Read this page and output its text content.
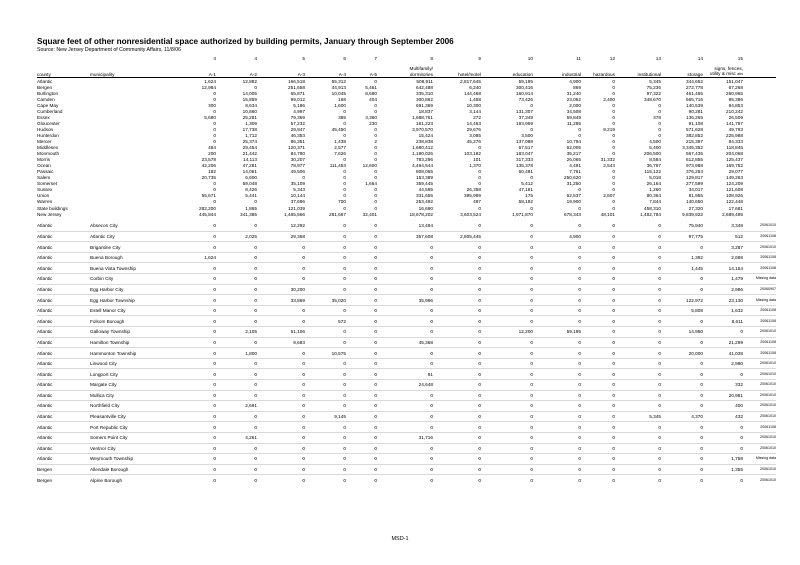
Square feet of other nonresidential space authorized by building permits, January through September 2006
Source: New Jersey Department of Community Affairs, 11/8/06
		3	4	5	6	7	8	9	10	11	12	13	14	15	
							Multifamily/							signs, fences,	
county	municipality	A-1	A-2	A-3	A-4	A-5	dormitories	hotel/motel	education	industrial	hazardous	institutional	storage	utility & misc abs	
Atlantic		1,624	12,882	166,518	55,312	0	508,911	2,817,645	59,195	4,900	0	5,345	344,652	151,047	
Bergen		12,984	0	251,658	44,913	5,461	642,488	6,240	300,416	869	0	75,236	272,778	67,268	
Burlington		0	14,005	65,871	10,045	8,680	335,310	144,468	160,914	31,240	0	97,322	461,465	260,965	
Camden		0	15,859	99,012	168	404	300,862	1,458	73,426	23,052	2,400	348,670	565,716	95,386	
Cape May		300	8,634	5,186	1,600	0	691,369	10,300	0	2,000	0	0	140,539	84,853	
Cumberland		0	10,860	4,997	0	0	18,837	3,144	131,307	34,508	0	0	90,281	210,242	
Essex		5,680	25,281	79,369	385	3,360	1,688,761	272	37,349	59,849	0	378	136,265	26,509	
Gloucester		0	1,309	57,232	0	230	161,223	14,463	193,959	11,285	0	0	91,108	141,797	
Hudson		0	17,738	29,847	45,450	0	3,970,570	29,676	0	0	9,219	0	571,628	49,793	
Hunterdon		0	1,712	46,353	0	0	15,424	3,085	3,500	0	0	0	382,852	225,988	
Mercer		0	25,374	86,351	1,438	2	238,838	45,276	137,088	10,794	0	4,500	215,397	84,333	
Middlesex		484	29,454	120,371	2,577	0	1,680,412	0	67,517	62,005	0	5,400	3,345,352	118,845	
Monmouth		200	21,442	84,780	7,626	0	1,180,026	103,182	183,047	35,217	0	206,500	567,435	204,068	
Morris		23,578	14,113	30,207	0	0	783,296	101	317,333	26,065	31,332	8,584	612,855	125,437	
Ocean		42,206	47,281	78,977	111,453	12,600	4,494,544	1,370	135,378	4,491	2,543	36,767	973,988	169,752	
Passaic		182	14,061	49,506	0	0	808,065	0	60,481	7,761	0	115,122	376,253	29,077	
Salem		20,735	6,600	0	0	0	153,389	0	0	250,620	0	5,018	129,817	149,263	
Somerset		0	59,048	35,109	0	1,664	359,445	0	5,412	31,250	0	26,164	277,599	124,209	
Sussex		0	8,426	5,343	0	0	44,595	26,358	47,181	0	0	1,260	34,017	121,608	
Union		55,671	5,441	10,144	0	0	331,655	395,989	175	62,537	2,607	80,364	81,955	108,926	
Warren		0	0	37,696	700	0	253,492	497	58,192	19,900	0	7,844	140,650	122,448	
State buildings		282,200	1,865	121,039	0	0	16,690	0	0	0	0	458,310	27,320	17,681	
New Jersey		445,844	341,385	1,465,566	281,667	32,401	18,678,202	3,603,524	1,971,870	678,343	48,101	1,482,784	9,839,922	2,689,495	

Atlantic	Absecon City	0	0	12,292	0	0	13,494	0	0	0	0	0	75,940	3,348	20061010
Atlantic	Atlantic City	0	2,025	29,368	0	0	357,608	2,805,445	0	4,900	0	0	97,775	512	20061108
Atlantic	Brigantine City	0	0	0	0	0	0	0	0	0	0	0	0	3,287	20061010
Atlantic	Buena Borough	1,624	0	0	0	0	0	0	0	0	0	0	1,392	2,688	20061108
Atlantic	Buena Vista Township	0	0	0	0	0	0	0	0	0	0	0	1,445	14,154	20061108
Atlantic	Corbin City	0	0	0	0	0	0	0	0	0	0	0	0	1,479	Missing data
Atlantic	Egg Harbor City	0	0	30,200	0	0	0	0	0	0	0	0	0	2,986	20060907
Atlantic	Egg Harbor Township	0	0	33,869	35,020	0	35,996	0	0	0	0	0	122,972	23,130	Missing data
Atlantic	Estell Manor City	0	0	0	0	0	0	0	0	0	0	0	5,808	1,632	20061108
Atlantic	Folsom Borough	0	0	0	572	0	0	0	0	0	0	0	0	8,611	20061108
Atlantic	Galloway Township	0	2,105	51,106	0	0	0	0	12,200	59,195	0	0	14,950	0	20061010
Atlantic	Hamilton Township	0	0	9,683	0	0	45,368	0	0	0	0	0	0	21,299	20061108
Atlantic	Hammonton Township	0	1,800	0	10,575	0	0	0	0	0	0	0	20,000	41,038	20061108
Atlantic	Linwood City	0	0	0	0	0	0	0	0	0	0	0	0	2,980	20061010
Atlantic	Longport City	0	0	0	0	0	81	0	0	0	0	0	0	0	20061010
Atlantic	Margate City	0	0	0	0	0	24,648	0	0	0	0	0	0	332	20061010
Atlantic	Mullica City	0	0	0	0	0	0	0	0	0	0	0	0	20,981	20061010
Atlantic	Northfield City	0	2,691	0	0	0	0	0	0	0	0	0	0	400	20061010
Atlantic	Pleasantville City	0	0	0	9,145	0	0	0	0	0	0	5,345	4,370	432	20061010
Atlantic	Port Republic City	0	0	0	0	0	0	0	0	0	0	0	0	0	20061108
Atlantic	Somers Point City	0	4,261	0	0	0	31,716	0	0	0	0	0	0	0	20061010
Atlantic	Ventnor City	0	0	0	0	0	0	0	0	0	0	0	0	0	20061010
Atlantic	Weymouth Township	0	0	0	0	0	0	0	0	0	0	0	0	1,758	Missing data
Bergen	Allendale Borough	0	0	0	0	0	0	0	0	0	0	0	0	1,355	20061010
Bergen	Alpine Borough	0	0	0	0	0	0	0	0	0	0	0	0	0	20061010
MSD-1
